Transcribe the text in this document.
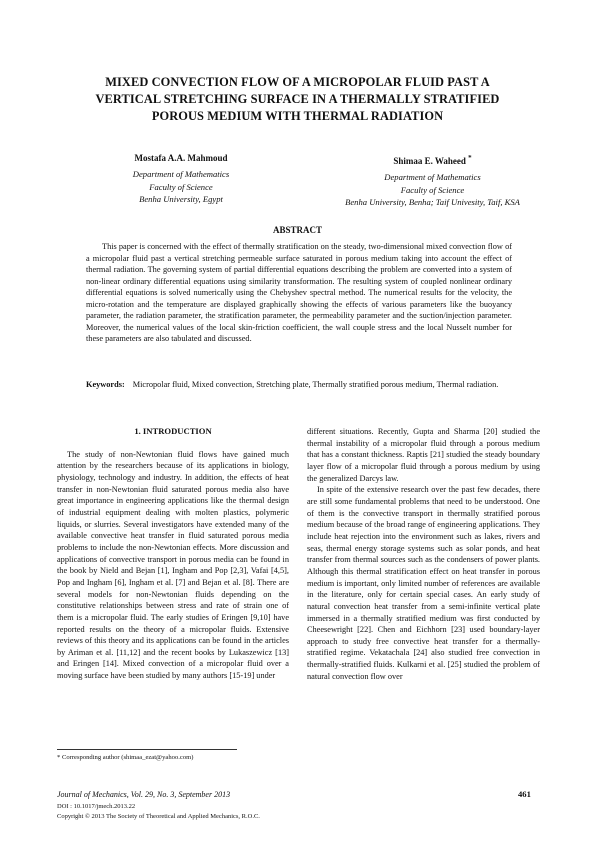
MIXED CONVECTION FLOW OF A MICROPOLAR FLUID PAST A
VERTICAL STRETCHING SURFACE IN A THERMALLY STRATIFIED
POROUS MEDIUM WITH THERMAL RADIATION
Mostafa A.A. Mahmoud
Department of Mathematics
Faculty of Science
Benha University, Egypt
Shimaa E. Waheed *
Department of Mathematics
Faculty of Science
Benha University, Benha; Taif Univesity, Taif, KSA
ABSTRACT
This paper is concerned with the effect of thermally stratification on the steady, two-dimensional mixed convection flow of a micropolar fluid past a vertical stretching permeable surface saturated in porous medium taking into account the effect of thermal radiation. The governing system of partial differential equations describing the problem are converted into a system of non-linear ordinary differential equations using similarity transformation. The resulting system of coupled nonlinear ordinary differential equations is solved numerically using the Chebyshev spectral method. The numerical results for the velocity, the micro-rotation and the temperature are displayed graphically showing the effects of various parameters like the buoyancy parameter, the radiation parameter, the stratification parameter, the permeability parameter and the suction/injection parameter. Moreover, the numerical values of the local skin-friction coefficient, the wall couple stress and the local Nusselt number for these parameters are also tabulated and discussed.
Keywords: Micropolar fluid, Mixed convection, Stretching plate, Thermally stratified porous medium, Thermal radiation.
1. INTRODUCTION

The study of non-Newtonian fluid flows have gained much attention by the researchers because of its applications in biology, physiology, technology and industry. In addition, the effects of heat transfer in non-Newtonian fluid saturated porous media also have great importance in engineering applications like the thermal design of industrial equipment dealing with molten plastics, polymeric liquids, or slurries. Several investigators have extended many of the available convective heat transfer in fluid saturated porous media problems to include the non-Newtonian effects. More discussion and applications of convective transport in porous media can be found in the book by Nield and Bejan [1], Ingham and Pop [2,3], Vafai [4,5], Pop and Ingham [6], Ingham et al. [7] and Bejan et al. [8]. There are several models for non-Newtonian fluids depending on the constitutive relationships between stress and rate of strain one of them is a micropolar fluid. The early studies of Eringen [9,10] have reported results on the theory of a micropolar fluids. Extensive reviews of this theory and its applications can be found in the articles by Ariman et al. [11,12] and the recent books by Lukaszewicz [13] and Eringen [14]. Mixed convection of a micropolar fluid over a moving surface have been studied by many authors [15-19] under

different situations. Recently, Gupta and Sharma [20] studied the thermal instability of a micropolar fluid through a porous medium that has a constant thickness. Raptis [21] studied the steady boundary layer flow of a micropolar fluid through a porous medium by using the generalized Darcys law.

In spite of the extensive research over the past few decades, there are still some fundamental problems that need to be understood. One of them is the convective transport in thermally stratified porous medium because of the broad range of engineering applications. They include heat rejection into the environment such as lakes, rivers and seas, thermal energy storage systems such as solar ponds, and heat transfer from thermal sources such as the condensers of power plants. Although this thermal stratification effect on heat transfer in porous medium is important, only limited number of references are available in the literature, only for certain special cases. An early study of natural convection heat transfer from a semi-infinite vertical plate immersed in a thermally stratified medium was first conducted by Cheesewright [22]. Chen and Eichhorn [23] used boundary-layer approach to study free convective heat transfer for a thermally-stratified regime. Vekatachala [24] also studied free convection in thermally-stratified fluids. Kulkarni et al. [25] studied the problem of natural convection flow over

* Corresponding author (shimaa_ezat@yahoo.com)
Journal of Mechanics, Vol. 29, No. 3, September 2013	461
DOI : 10.1017/jmech.2013.22
Copyright © 2013 The Society of Theoretical and Applied Mechanics, R.O.C.
